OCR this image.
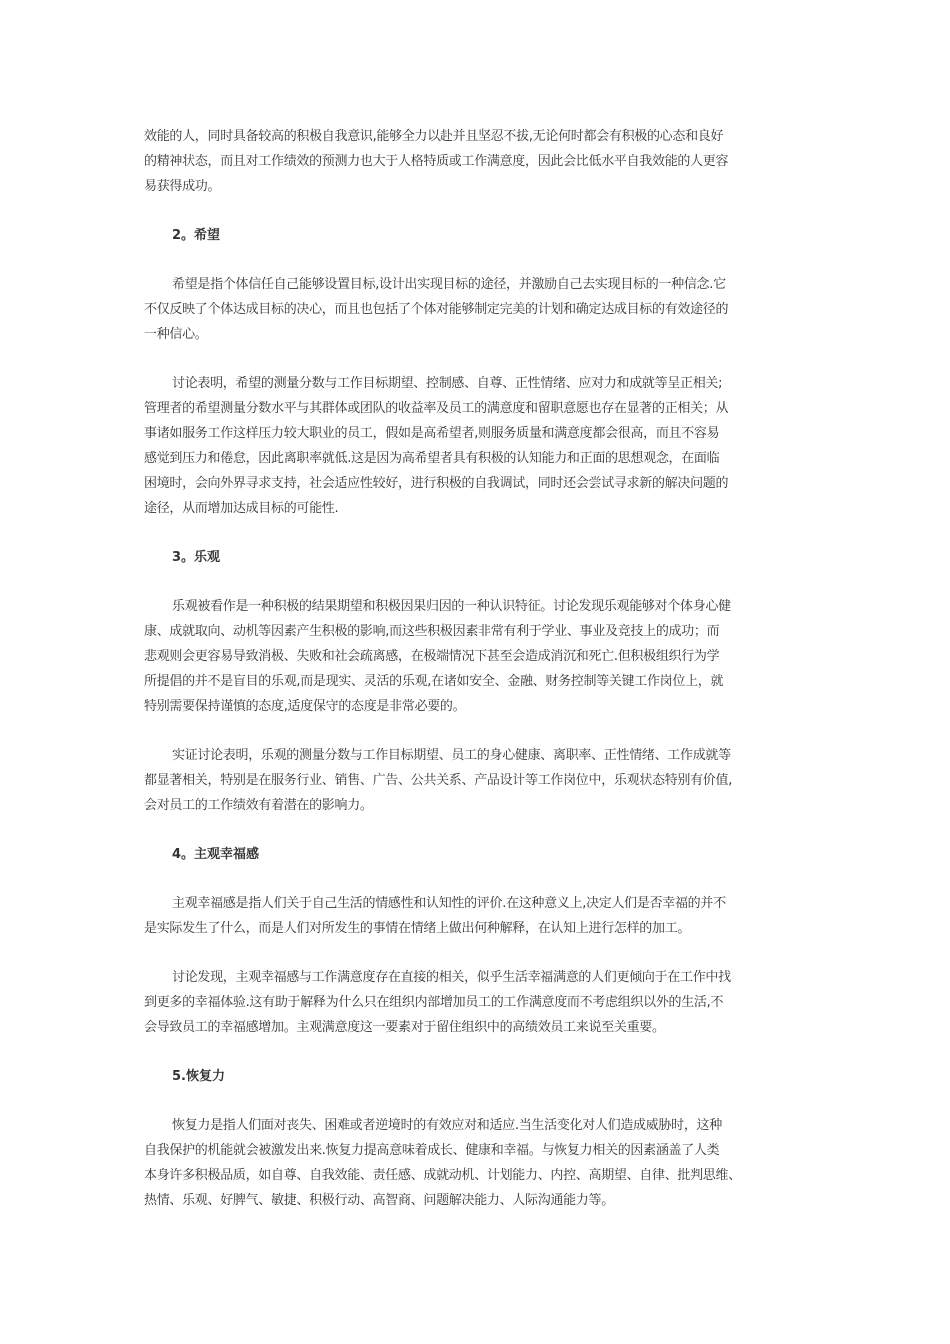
效能的人，同时具备较高的积极自我意识,能够全力以赴并且坚忍不拔,无论何时都会有积极的心态和良好
的精神状态，而且对工作绩效的预测力也大于人格特质或工作满意度，因此会比低水平自我效能的人更容
易获得成功。
2。希望
希望是指个体信任自己能够设置目标,设计出实现目标的途径，并激励自己去实现目标的一种信念.它
不仅反映了个体达成目标的决心，而且也包括了个体对能够制定完美的计划和确定达成目标的有效途径的
一种信心。
讨论表明，希望的测量分数与工作目标期望、控制感、自尊、正性情绪、应对力和成就等呈正相关;
管理者的希望测量分数水平与其群体或团队的收益率及员工的满意度和留职意愿也存在显著的正相关；从
事诸如服务工作这样压力较大职业的员工，假如是高希望者,则服务质量和满意度都会很高，而且不容易
感觉到压力和倦怠，因此离职率就低.这是因为高希望者具有积极的认知能力和正面的思想观念，在面临
困境时，会向外界寻求支持，社会适应性较好，进行积极的自我调试，同时还会尝试寻求新的解决问题的
途径，从而增加达成目标的可能性.
3。乐观
乐观被看作是一种积极的结果期望和积极因果归因的一种认识特征。讨论发现乐观能够对个体身心健
康、成就取向、动机等因素产生积极的影响,而这些积极因素非常有利于学业、事业及竞技上的成功；而
悲观则会更容易导致消极、失败和社会疏离感，在极端情况下甚至会造成消沉和死亡.但积极组织行为学
所提倡的并不是盲目的乐观,而是现实、灵活的乐观,在诸如安全、金融、财务控制等关键工作岗位上，就
特别需要保持谨慎的态度,适度保守的态度是非常必要的。
实证讨论表明，乐观的测量分数与工作目标期望、员工的身心健康、离职率、正性情绪、工作成就等
都显著相关，特别是在服务行业、销售、广告、公共关系、产品设计等工作岗位中，乐观状态特别有价值,
会对员工的工作绩效有着潜在的影响力。
4。主观幸福感
主观幸福感是指人们关于自己生活的情感性和认知性的评价.在这种意义上,决定人们是否幸福的并不
是实际发生了什么，而是人们对所发生的事情在情绪上做出何种解释，在认知上进行怎样的加工。
讨论发现，主观幸福感与工作满意度存在直接的相关，似乎生活幸福满意的人们更倾向于在工作中找
到更多的幸福体验.这有助于解释为什么只在组织内部增加员工的工作满意度而不考虑组织以外的生活,不
会导致员工的幸福感增加。主观满意度这一要素对于留住组织中的高绩效员工来说至关重要。
5.恢复力
恢复力是指人们面对丧失、困难或者逆境时的有效应对和适应.当生活变化对人们造成威胁时，这种
自我保护的机能就会被激发出来.恢复力提高意味着成长、健康和幸福。与恢复力相关的因素涵盖了人类
本身许多积极品质，如自尊、自我效能、责任感、成就动机、计划能力、内控、高期望、自律、批判思维、
热情、乐观、好脾气、敏捷、积极行动、高智商、问题解决能力、人际沟通能力等。
